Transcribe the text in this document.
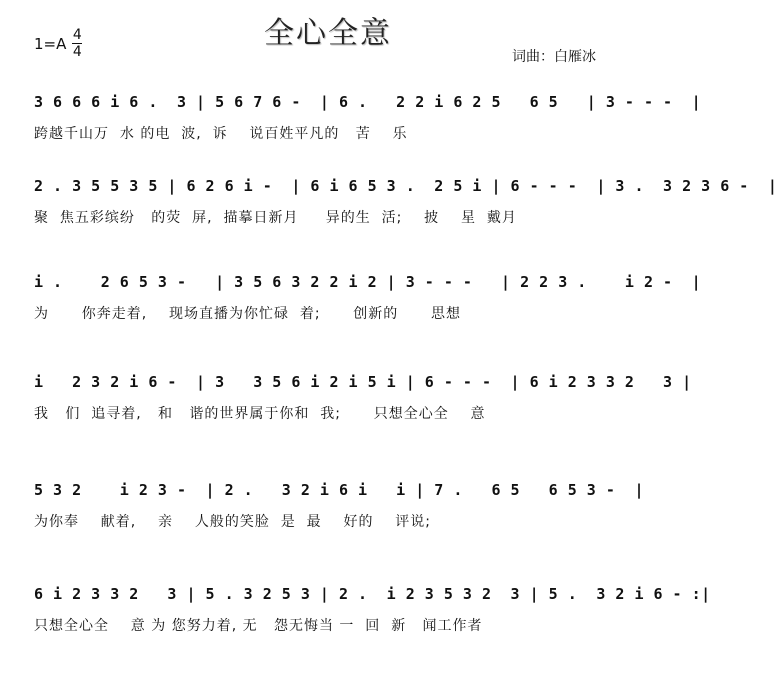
全心全意
1=A 4
4	词曲：白雁冰
3 6 6 6 i 6 .  3 | 5 6 7 6 -  | 6 .   2 2 i 6 2 5   6 5   | 3 - - -  |
跨越千山万  水 的电  波,  诉    说百姓平凡的   苦    乐
2 . 3 5 5 3 5 | 6 2 6 i -  | 6 i 6 5 3 .  2 5 i | 6 - - -  | 3 .  3 2 3 6 -  |
聚  焦五彩缤纷   的荧  屏,  描摹日新月     异的生  活;    披    星  戴月
i .    2 6 5 3 -   | 3 5 6 3 2 2 i 2 | 3 - - -   | 2 2 3 .    i 2 -  |
为      你奔走着,    现场直播为你忙碌  着;      创新的      思想
i   2 3 2 i 6 -  | 3   3 5 6 i 2 i 5 i | 6 - - -  | 6 i 2 3 3 2   3 |
我   们  追寻着,   和   谐的世界属于你和  我;      只想全心全    意
5 3 2    i 2 3 -  | 2 .   3 2 i 6 i   i | 7 .   6 5   6 5 3 -  |
为你奉    献着,    亲    人般的笑脸  是  最    好的    评说;
6 i 2 3 3 2   3 | 5 . 3 2 5 3 | 2 .  i 2 3 5 3 2  3 | 5 .  3 2 i 6 - :|
只想全心全    意 为 您努力着, 无   怨无悔当 一  回  新   闻工作者
